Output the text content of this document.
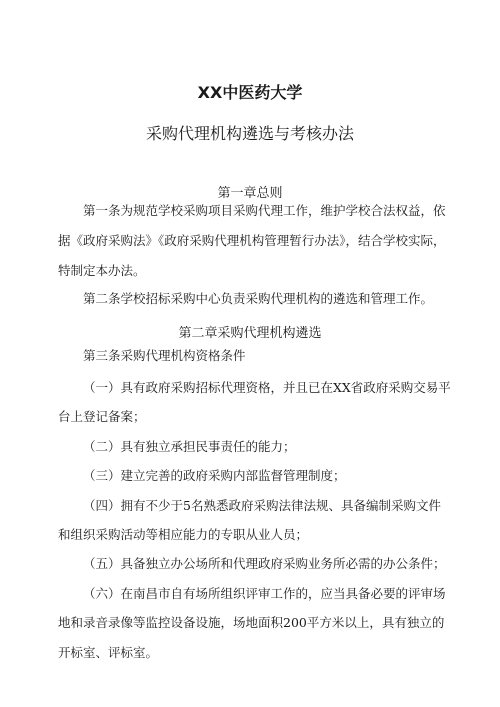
XX中医药大学
采购代理机构遴选与考核办法
第一章总则
第一条为规范学校采购项目采购代理工作，维护学校合法权益，依
据《政府采购法》《政府采购代理机构管理暂行办法》，结合学校实际，
特制定本办法。
第二条学校招标采购中心负责采购代理机构的遴选和管理工作。
第二章采购代理机构遴选
第三条采购代理机构资格条件
（一）具有政府采购招标代理资格，并且已在XX省政府采购交易平
台上登记备案；
（二）具有独立承担民事责任的能力；
（三）建立完善的政府采购内部监督管理制度；
（四）拥有不少于5名熟悉政府采购法律法规、具备编制采购文件
和组织采购活动等相应能力的专职从业人员；
（五）具备独立办公场所和代理政府采购业务所必需的办公条件；
（六）在南昌市自有场所组织评审工作的，应当具备必要的评审场
地和录音录像等监控设备设施，场地面积200平方米以上，具有独立的
开标室、评标室。
